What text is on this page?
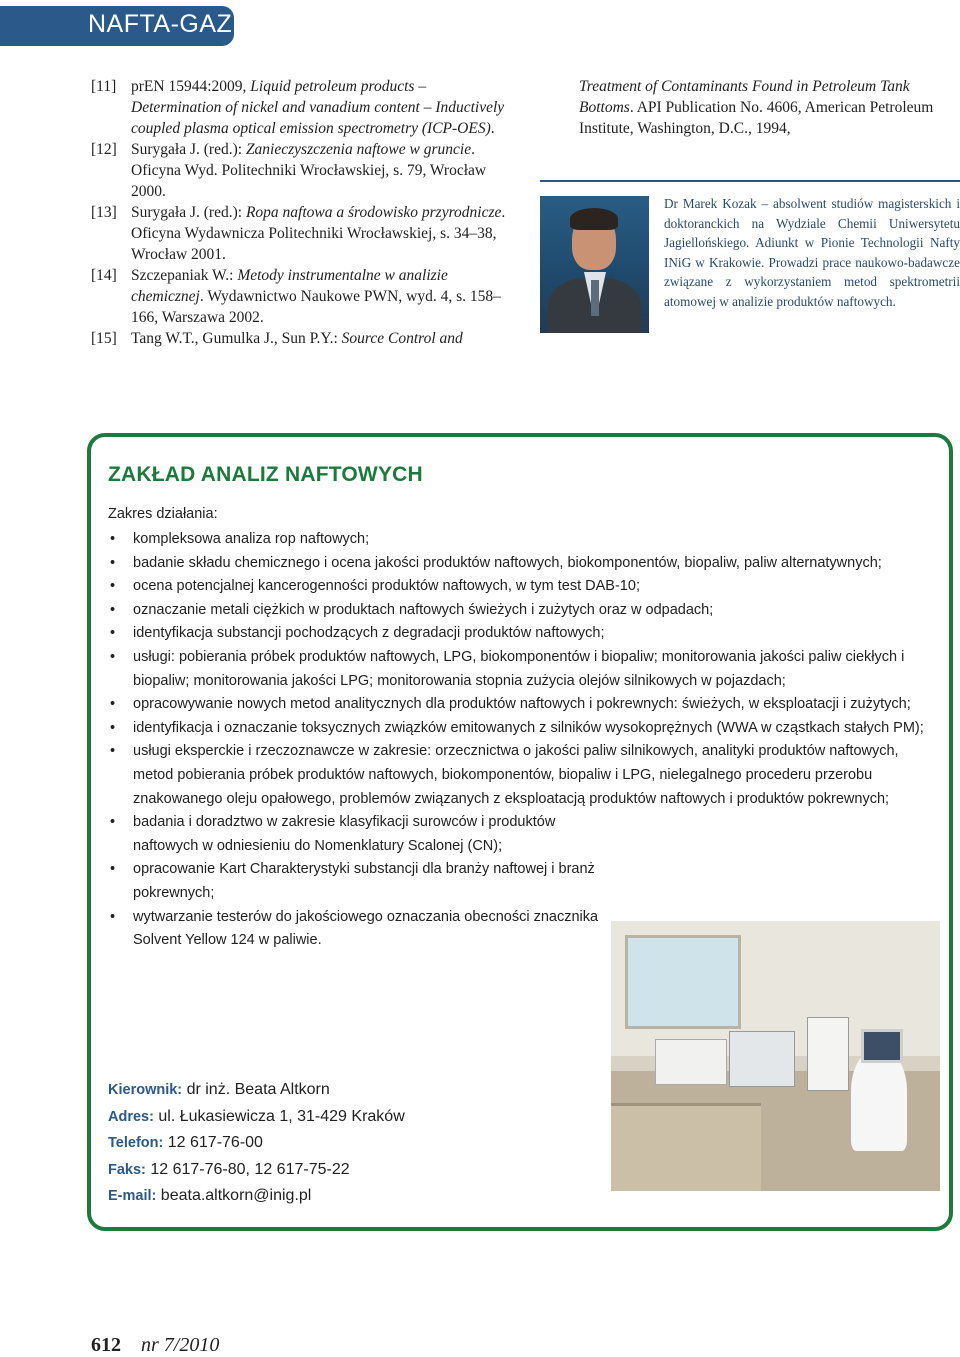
NAFTA-GAZ
[11] prEN 15944:2009, Liquid petroleum products – Determination of nickel and vanadium content – Inductively coupled plasma optical emission spectrometry (ICP-OES).
[12] Surygała J. (red.): Zanieczyszczenia naftowe w gruncie. Oficyna Wyd. Politechniki Wrocławskiej, s. 79, Wrocław 2000.
[13] Surygała J. (red.): Ropa naftowa a środowisko przyrodnicze. Oficyna Wydawnicza Politechniki Wrocławskiej, s. 34–38, Wrocław 2001.
[14] Szczepaniak W.: Metody instrumentalne w analizie chemicznej. Wydawnictwo Naukowe PWN, wyd. 4, s. 158–166, Warszawa 2002.
[15] Tang W.T., Gumulka J., Sun P.Y.: Source Control and
Treatment of Contaminants Found in Petroleum Tank Bottoms. API Publication No. 4606, American Petroleum Institute, Washington, D.C., 1994,
Dr Marek Kozak – absolwent studiów magisterskich i doktoranckich na Wydziale Chemii Uniwersytetu Jagiellońskiego. Adiunkt w Pionie Technologii Nafty INiG w Krakowie. Prowadzi prace naukowo-badawcze związane z wykorzystaniem metod spektrometrii atomowej w analizie produktów naftowych.
ZAKŁAD ANALIZ NAFTOWYCH
Zakres działania:
• kompleksowa analiza rop naftowych;
• badanie składu chemicznego i ocena jakości produktów naftowych, biokomponentów, biopaliw, paliw alternatywnych;
• ocena potencjalnej kancerogenności produktów naftowych, w tym test DAB-10;
• oznaczanie metali ciężkich w produktach naftowych świeżych i zużytych oraz w odpadach;
• identyfikacja substancji pochodzących z degradacji produktów naftowych;
• usługi: pobierania próbek produktów naftowych, LPG, biokomponentów i biopaliw; monitorowania jakości paliw ciekłych i biopaliw; monitorowania jakości LPG; monitorowania stopnia zużycia olejów silnikowych w pojazdach;
• opracowywanie nowych metod analitycznych dla produktów naftowych i pokrewnych: świeżych, w eksploatacji i zużytych;
• identyfikacja i oznaczanie toksycznych związków emitowanych z silników wysokoprężnych (WWA w cząstkach stałych PM);
• usługi eksperckie i rzeczoznawcze w zakresie: orzecznictwa o jakości paliw silnikowych, analityki produktów naftowych, metod pobierania próbek produktów naftowych, biokomponentów, biopaliw i LPG, nielegalnego procederu przerobu znakowanego oleju opałowego, problemów związanych z eksploatacją produktów naftowych i produktów pokrewnych;
• badania i doradztwo w zakresie klasyfikacji surowców i produktów naftowych w odniesieniu do Nomenklatury Scalonej (CN);
• opracowanie Kart Charakterystyki substancji dla branży naftowej i branż pokrewnych;
• wytwarzanie testerów do jakościowego oznaczania obecności znacznika Solvent Yellow 124 w paliwie.
Kierownik: dr inż. Beata Altkorn
Adres: ul. Łukasiewicza 1, 31-429 Kraków
Telefon: 12 617-76-00
Faks: 12 617-76-80, 12 617-75-22
E-mail: beata.altkorn@inig.pl
612 nr 7/2010
